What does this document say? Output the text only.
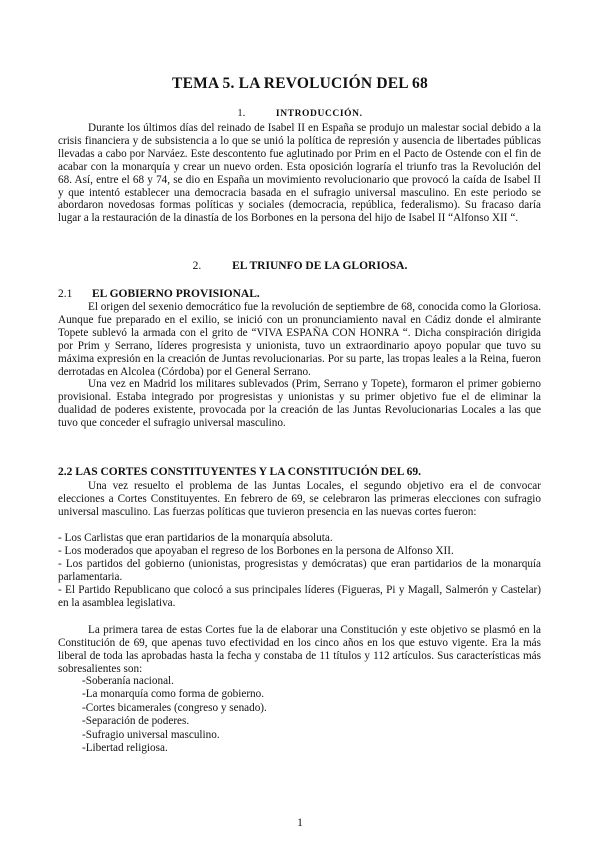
TEMA 5. LA REVOLUCIÓN DEL 68
1.	INTRODUCCIÓN.

Durante los últimos días del reinado de Isabel II en España se produjo un malestar social debido a la crisis financiera y de subsistencia a lo que se unió la política de represión y ausencia de libertades públicas llevadas a cabo por Narváez. Este descontento fue aglutinado por Prim en el Pacto de Ostende con el fin de acabar con la monarquía y crear un nuevo orden. Esta oposición lograría el triunfo tras la Revolución del 68. Así, entre el 68 y 74, se dio en España un movimiento revolucionario que provocó la caída de Isabel II y que intentó establecer una democracia basada en el sufragio universal masculino. En este periodo se abordaron novedosas formas políticas y sociales (democracia, república, federalismo). Su fracaso daría lugar a la restauración de la dinastía de los Borbones en la persona del hijo de Isabel II “Alfonso XII “.

2.	EL TRIUNFO DE LA GLORIOSA.
2.1 EL GOBIERNO PROVISIONAL.

El origen del sexenio democrático fue la revolución de septiembre de 68, conocida como la Gloriosa. Aunque fue preparado en el exilio, se inició con un pronunciamiento naval en Cádiz donde el almirante Topete sublevó la armada con el grito de “VIVA ESPAÑA CON HONRA “. Dicha conspiración dirigida por Prim y Serrano, líderes progresista y unionista, tuvo un extraordinario apoyo popular que tuvo su máxima expresión en la creación de Juntas revolucionarias. Por su parte, las tropas leales a la Reina, fueron derrotadas en Alcolea (Córdoba) por el General Serrano.

Una vez en Madrid los militares sublevados (Prim, Serrano y Topete), formaron el primer gobierno provisional. Estaba integrado por progresistas y unionistas y su primer objetivo fue el de eliminar la dualidad de poderes existente, provocada por la creación de las Juntas Revolucionarias Locales a las que tuvo que conceder el sufragio universal masculino.

2.2 LAS CORTES CONSTITUYENTES Y LA CONSTITUCIÓN DEL 69.

Una vez resuelto el problema de las Juntas Locales, el segundo objetivo era el de convocar elecciones a Cortes Constituyentes. En febrero de 69, se celebraron las primeras elecciones con sufragio universal masculino. Las fuerzas políticas que tuvieron presencia en las nuevas cortes fueron:

- Los Carlistas que eran partidarios de la monarquía absoluta.
- Los moderados que apoyaban el regreso de los Borbones en la persona de Alfonso XII.
- Los partidos del gobierno (unionistas, progresistas y demócratas) que eran partidarios de la monarquía parlamentaria.
- El Partido Republicano que colocó a sus principales líderes (Figueras, Pi y Magall, Salmerón y Castelar) en la asamblea legislativa.

La primera tarea de estas Cortes fue la de elaborar una Constitución y este objetivo se plasmó en la Constitución de 69, que apenas tuvo efectividad en los cinco años en los que estuvo vigente. Era la más liberal de toda las aprobadas hasta la fecha y constaba de 11 títulos y 112 artículos. Sus características más sobresalientes son:

-Soberanía nacional.
-La monarquía como forma de gobierno.
-Cortes bicamerales (congreso y senado).
-Separación de poderes.
-Sufragio universal masculino.
-Libertad religiosa.
1
